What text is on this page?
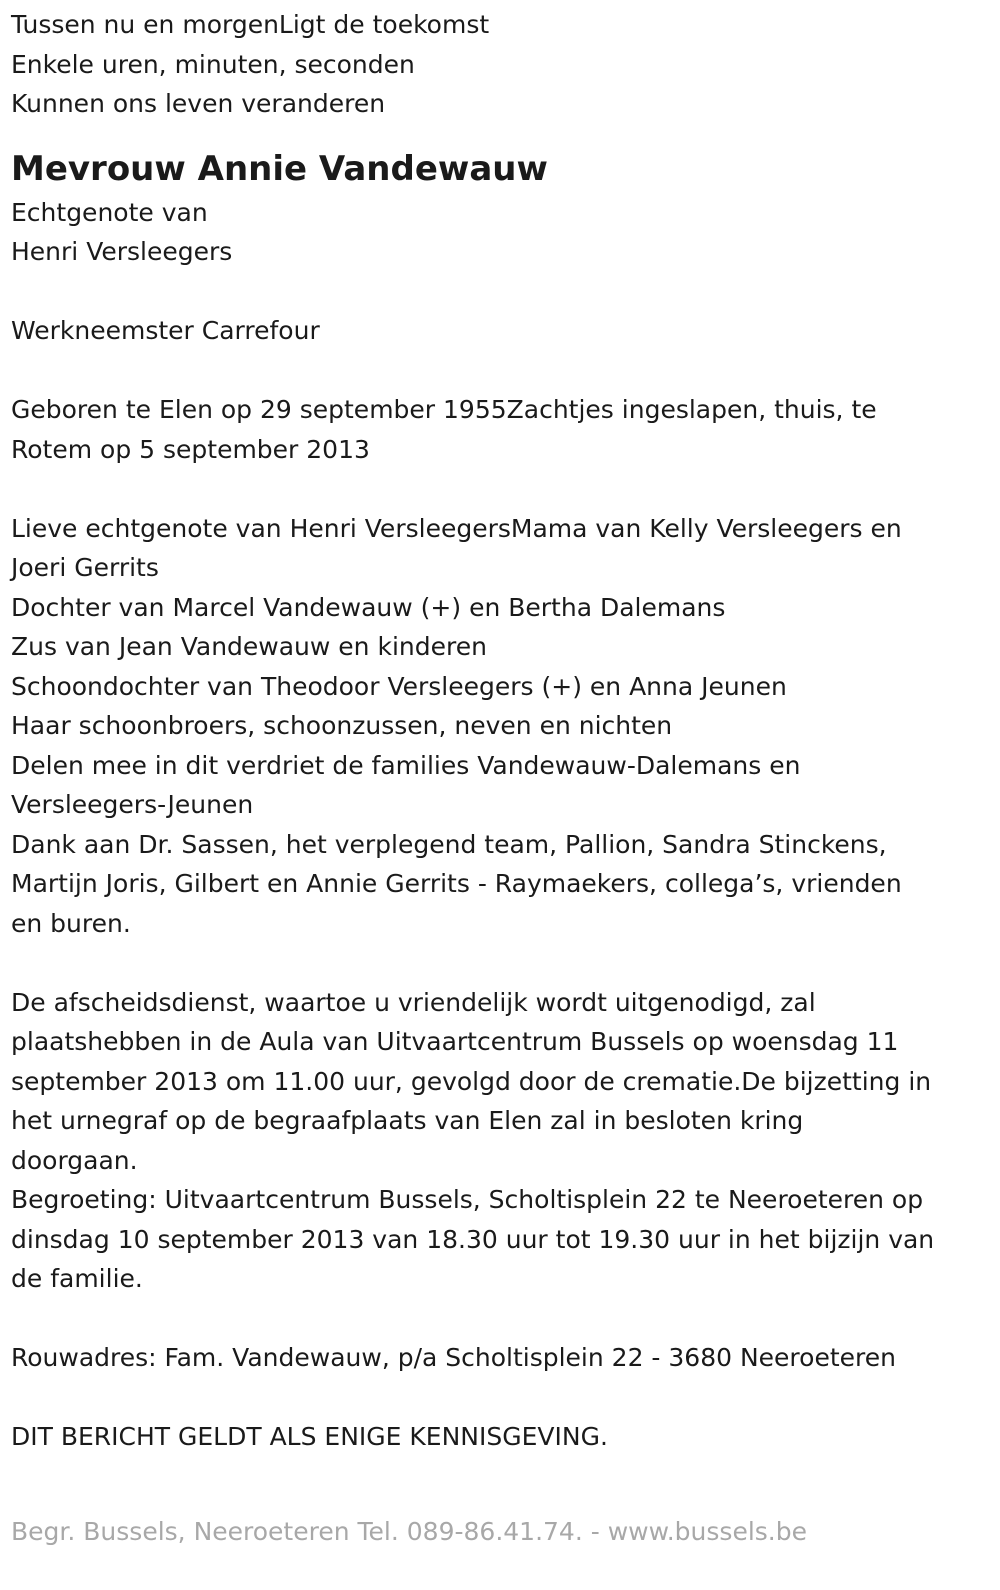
Tussen nu en morgenLigt de toekomst
Enkele uren, minuten, seconden
Kunnen ons leven veranderen

Mevrouw Annie Vandewauw

Echtgenote van
Henri Versleegers

Werkneemster Carrefour

Geboren te Elen op 29 september 1955Zachtjes ingeslapen, thuis, te
Rotem op 5 september 2013

Lieve echtgenote van Henri VersleegersMama van Kelly Versleegers en
Joeri Gerrits
Dochter van Marcel Vandewauw (+) en Bertha Dalemans
Zus van Jean Vandewauw en kinderen
Schoondochter van Theodoor Versleegers (+) en Anna Jeunen
Haar schoonbroers, schoonzussen, neven en nichten
Delen mee in dit verdriet de families Vandewauw-Dalemans en
Versleegers-Jeunen
Dank aan Dr. Sassen, het verplegend team, Pallion, Sandra Stinckens,
Martijn Joris, Gilbert en Annie Gerrits - Raymaekers, collega’s, vrienden
en buren.

De afscheidsdienst, waartoe u vriendelijk wordt uitgenodigd, zal
plaatshebben in de Aula van Uitvaartcentrum Bussels op woensdag 11
september 2013 om 11.00 uur, gevolgd door de crematie.De bijzetting in
het urnegraf op de begraafplaats van Elen zal in besloten kring
doorgaan.
Begroeting: Uitvaartcentrum Bussels, Scholtisplein 22 te Neeroeteren op
dinsdag 10 september 2013 van 18.30 uur tot 19.30 uur in het bijzijn van
de familie.

Rouwadres: Fam. Vandewauw, p/a Scholtisplein 22 - 3680 Neeroeteren

DIT BERICHT GELDT ALS ENIGE KENNISGEVING.

Begr. Bussels, Neeroeteren Tel. 089-86.41.74. - www.bussels.be
